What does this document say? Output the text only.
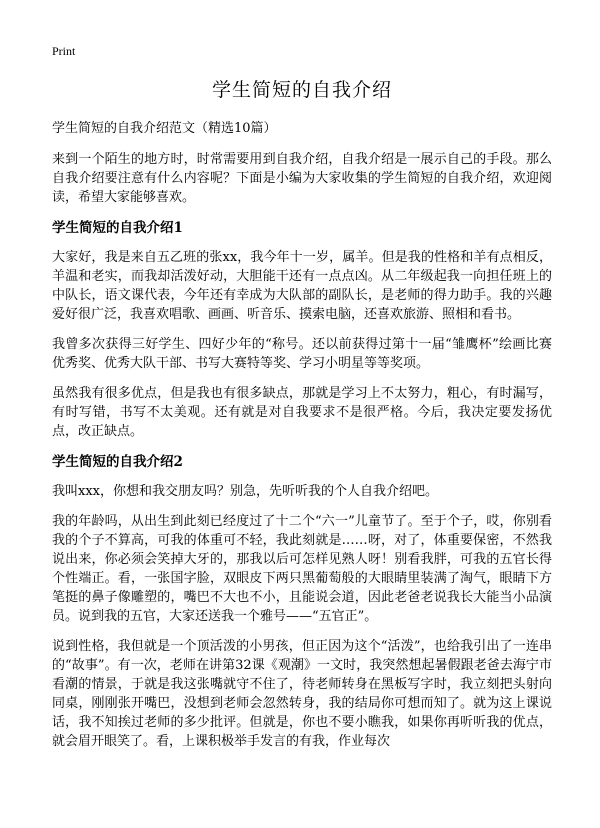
Print
学生简短的自我介绍

学生简短的自我介绍范文（精选10篇）

来到一个陌生的地方时，时常需要用到自我介绍，自我介绍是一展示自己的手段。那么自我介绍要注意有什么内容呢？下面是小编为大家收集的学生简短的自我介绍，欢迎阅读，希望大家能够喜欢。

学生简短的自我介绍1

大家好，我是来自五乙班的张xx，我今年十一岁，属羊。但是我的性格和羊有点相反，羊温和老实，而我却活泼好动，大胆能干还有一点点凶。从二年级起我一向担任班上的中队长，语文课代表，今年还有幸成为大队部的副队长，是老师的得力助手。我的兴趣爱好很广泛，我喜欢唱歌、画画、听音乐、摸索电脑，还喜欢旅游、照相和看书。

我曾多次获得三好学生、四好少年的“称号。还以前获得过第十一届“雏鹰杯”绘画比赛优秀奖、优秀大队干部、书写大赛特等奖、学习小明星等等奖项。

虽然我有很多优点，但是我也有很多缺点，那就是学习上不太努力，粗心，有时漏写，有时写错，书写不太美观。还有就是对自我要求不是很严格。今后，我决定要发扬优点，改正缺点。

学生简短的自我介绍2

我叫xxx，你想和我交朋友吗？别急，先听听我的个人自我介绍吧。

我的年龄吗，从出生到此刻已经度过了十二个“六一”儿童节了。至于个子，哎，你别看我的个子不算高，可我的体重可不轻，我此刻就是……呀，对了，体重要保密，不然我说出来，你必须会笑掉大牙的，那我以后可怎样见熟人呀！别看我胖，可我的五官长得个性端正。看，一张国字脸，双眼皮下两只黑葡萄般的大眼睛里装满了淘气，眼睛下方笔挺的鼻子像雕塑的，嘴巴不大也不小，且能说会道，因此老爸老说我长大能当小品演员。说到我的五官，大家还送我一个雅号——“五官正”。

说到性格，我但就是一个顶活泼的小男孩，但正因为这个“活泼”，也给我引出了一连串的“故事”。有一次，老师在讲第32课《观潮》一文时，我突然想起暑假跟老爸去海宁市看潮的情景，于就是我这张嘴就守不住了，待老师转身在黑板写字时，我立刻把头射向同桌，刚刚张开嘴巴，没想到老师会忽然转身，我的结局你可想而知了。就为这上课说话，我不知挨过老师的多少批评。但就是，你也不要小瞧我，如果你再听听我的优点，就会眉开眼笑了。看，上课积极举手发言的有我，作业每次
